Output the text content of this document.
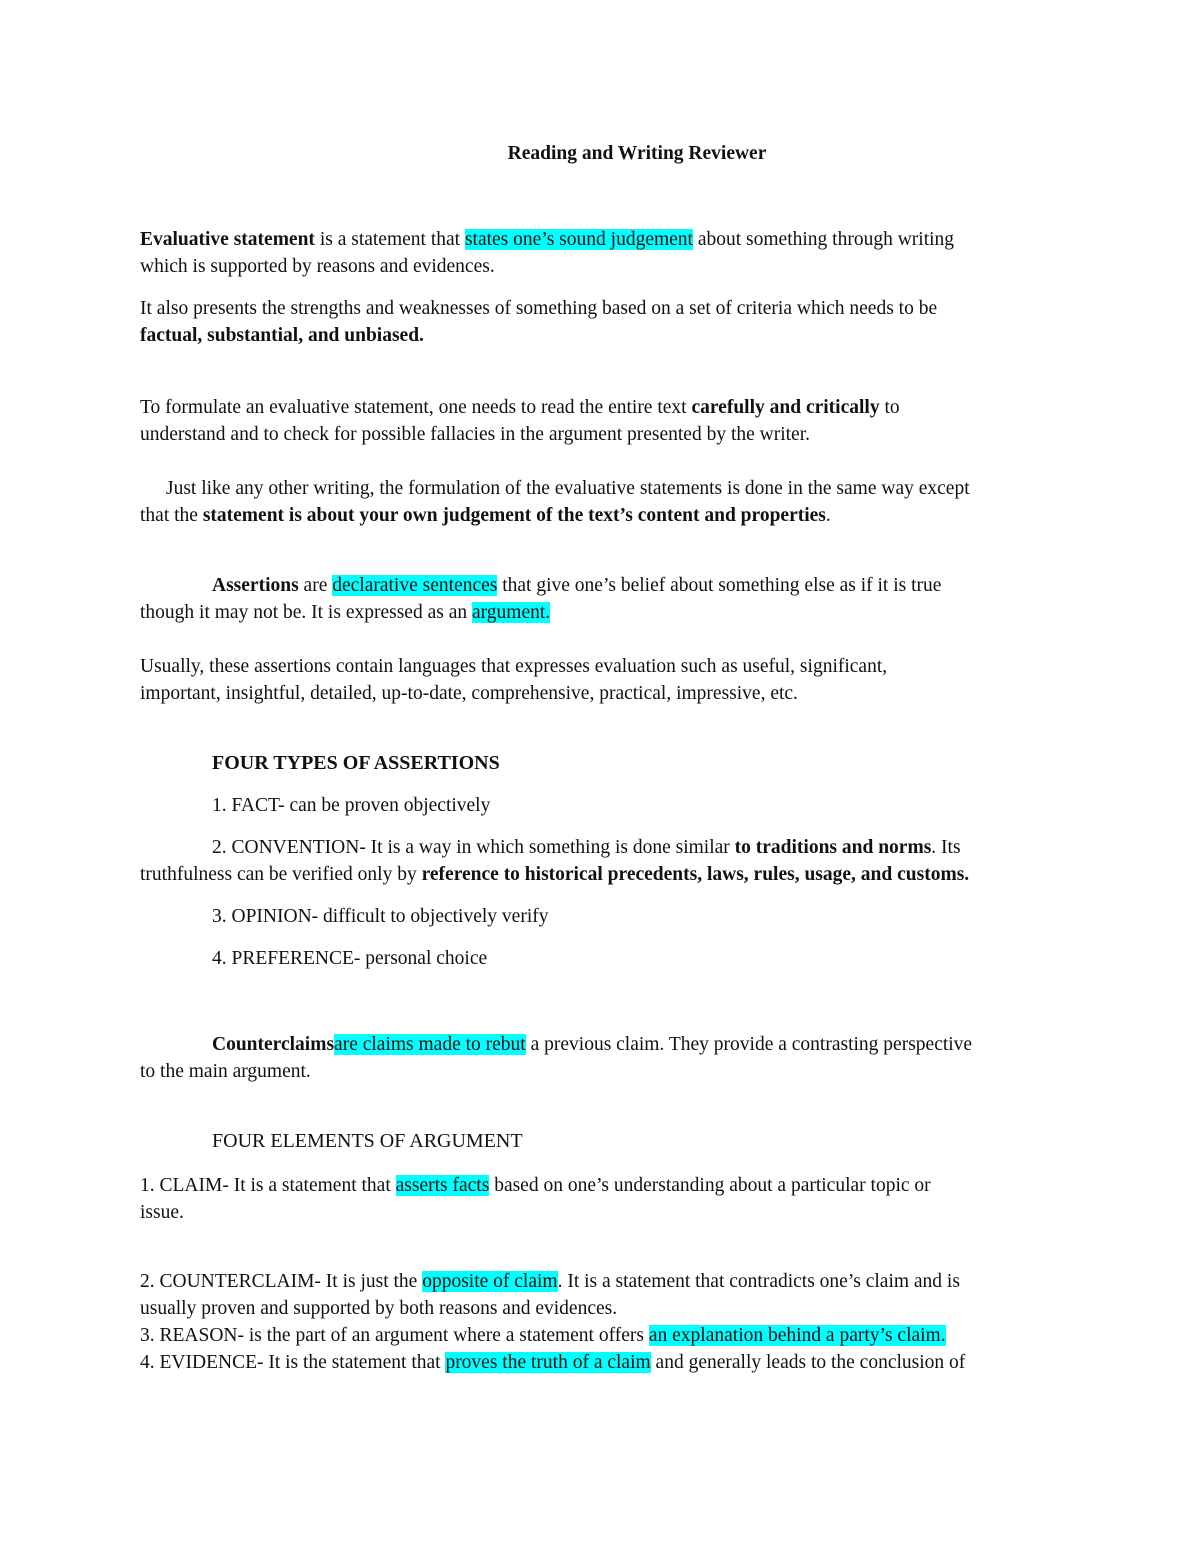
Reading and Writing Reviewer
Evaluative statement is a statement that states one’s sound judgement about something through writing
which is supported by reasons and evidences.
It also presents the strengths and weaknesses of something based on a set of criteria which needs to be
factual, substantial, and unbiased.
To formulate an evaluative statement, one needs to read the entire text carefully and critically to
understand and to check for possible fallacies in the argument presented by the writer.
Just like any other writing, the formulation of the evaluative statements is done in the same way except
that the statement is about your own judgement of the text’s content and properties.
Assertions are declarative sentences that give one’s belief about something else as if it is true
though it may not be. It is expressed as an argument.
Usually, these assertions contain languages that expresses evaluation such as useful, significant,
important, insightful, detailed, up-to-date, comprehensive, practical, impressive, etc.
FOUR TYPES OF ASSERTIONS
1. FACT- can be proven objectively
2. CONVENTION- It is a way in which something is done similar to traditions and norms. Its
truthfulness can be verified only by reference to historical precedents, laws, rules, usage, and customs.
3. OPINION- difficult to objectively verify
4. PREFERENCE- personal choice
Counterclaimsare claims made to rebut a previous claim. They provide a contrasting perspective
to the main argument.
FOUR ELEMENTS OF ARGUMENT
1. CLAIM- It is a statement that asserts facts based on one’s understanding about a particular topic or
issue.
2. COUNTERCLAIM- It is just the opposite of claim. It is a statement that contradicts one’s claim and is
usually proven and supported by both reasons and evidences.
3. REASON- is the part of an argument where a statement offers an explanation behind a party’s claim.
4. EVIDENCE- It is the statement that proves the truth of a claim and generally leads to the conclusion of
